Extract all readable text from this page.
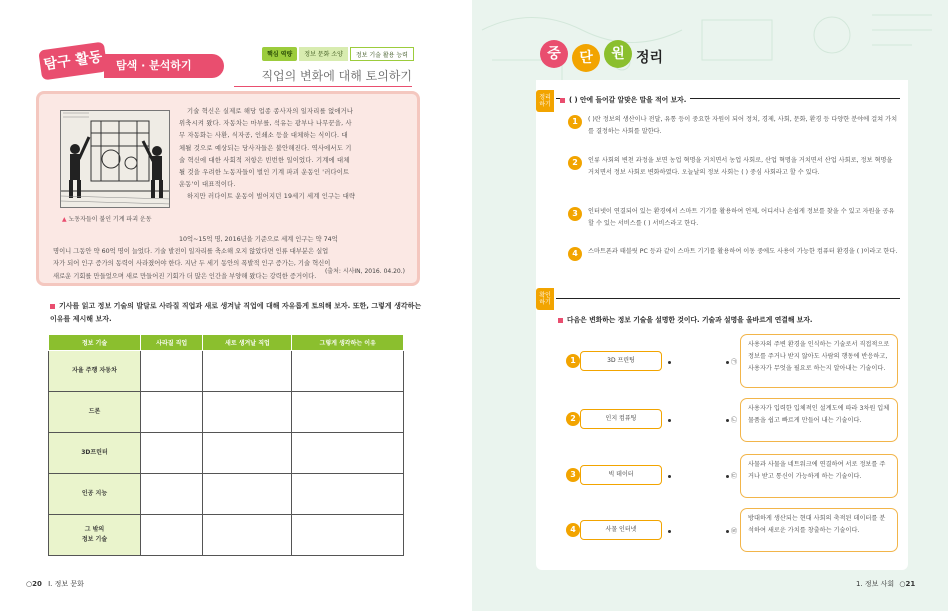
탐구 활동	탐색 · 분석하기
핵심 역량	정보 문화 소양	정보 기술 활용 능력
직업의 변화에 대해 토의하기
▲ 노동자들이 불인 기계 파괴 운동
기술 혁신은 실제로 해당 업종 종사자의 일자리를 없애거나
위축시켜 왔다. 자동차는 마부를, 석유는 광부나 나무꾼을, 사
무 자동화는 사환, 식자공, 인쇄소 등을 대체하는 식이다. 대
체될 것으로 예상되는 당사자들은 불안해진다. 역사에서도 기
술 혁신에 대한 사회적 저항은 빈번한 일이었다. 기계에 대체
될 것을 우려한 노동자들이 벌인 기계 파괴 운동인 '러다이트
운동'이 대표적이다.
하지만 러다이트 운동이 벌어지던 19세기 세계 인구는 대략
10억~15억 명, 2016년을 기준으로 세계 인구는 약 74억
명이니 그동안 약 60억 명이 늘었다. 기술 발전이 일자리를 축소해 오지 않았다면 인류 대부분은 실업
자가 되어 인구 증가의 동력이 사라졌어야 한다. 지난 두 세기 동안의 폭발적 인구 증가는, 기술 혁신이
새로운 기회를 만들었으며 새로 만들어진 기회가 더 많은 인간을 부양해 왔다는 강력한 증거이다.
(출처: 시사IN, 2016. 04.20.)
기사를 읽고 정보 기술의 발달로 사라질 직업과 새로 생겨날 직업에 대해 자유롭게 토의해 보자. 또한, 그렇게 생각하는 이유를 제시해 보자.
정보 기술	사라질 직업	새로 생겨날 직업	그렇게 생각하는 이유
자율 주행 자동차			
드론			
3D프린터			
인공 지능			
그 밖의
정보 기술			
○20 Ⅰ. 정보 문화
중	단	원 정리
정리
하기
( ) 안에 들어갈 알맞은 말을 적어 보자.
1	( )란 정보의 생산이나 전달, 유통 등이 중요한 자원이 되어 정치, 경제, 사회, 문화, 환경 등 다양한 분야에 걸쳐 가치를 결정하는 사회를 말한다.
2	인류 사회의 변천 과정을 보면 농업 혁명을 거치면서 농업 사회로, 산업 혁명을 거치면서 산업 사회로, 정보 혁명을 거치면서 정보 사회로 변화하였다. 오늘날의 정보 사회는 ( ) 중심 사회라고 할 수 있다.
3	인터넷이 연결되어 있는 환경에서 스마트 기기를 활용하여 언제, 어디서나 손쉽게 정보를 찾을 수 있고 자원을 공유할 수 있는 서비스를 ( ) 서비스라고 한다.
4	스마트폰과 태블릿 PC 등과 같이 스마트 기기를 활용하여 이동 중에도 사용이 가능한 컴퓨터 환경을 ( )이라고 한다.
확인
하기
다음은 변화하는 정보 기술을 설명한 것이다. 기술과 설명을 올바르게 연결해 보자.
1	3D 프린팅	㉠
사용자의 주변 환경을 인식하는 기술로서 직접적으로 정보를 주거나 받지 않아도 사람의 행동에 반응하고, 사용자가 무엇을 필요로 하는지 알아내는 기술이다.
2	인지 컴퓨팅	㉡
사용자가 입력한 입체적인 설계도에 따라 3차원 입체 물품을 쉽고 빠르게 만들어 내는 기술이다.
3	빅 데이터	㉢
사물과 사물을 네트워크에 연결하여 서로 정보를 주거나 받고 통신이 가능하게 하는 기술이다.
4	사물 인터넷	㉣
방대하게 생산되는 현대 사회의 축적된 데이터를 분석하여 새로운 가치를 창출하는 기술이다.
1. 정보 사회 ○21
